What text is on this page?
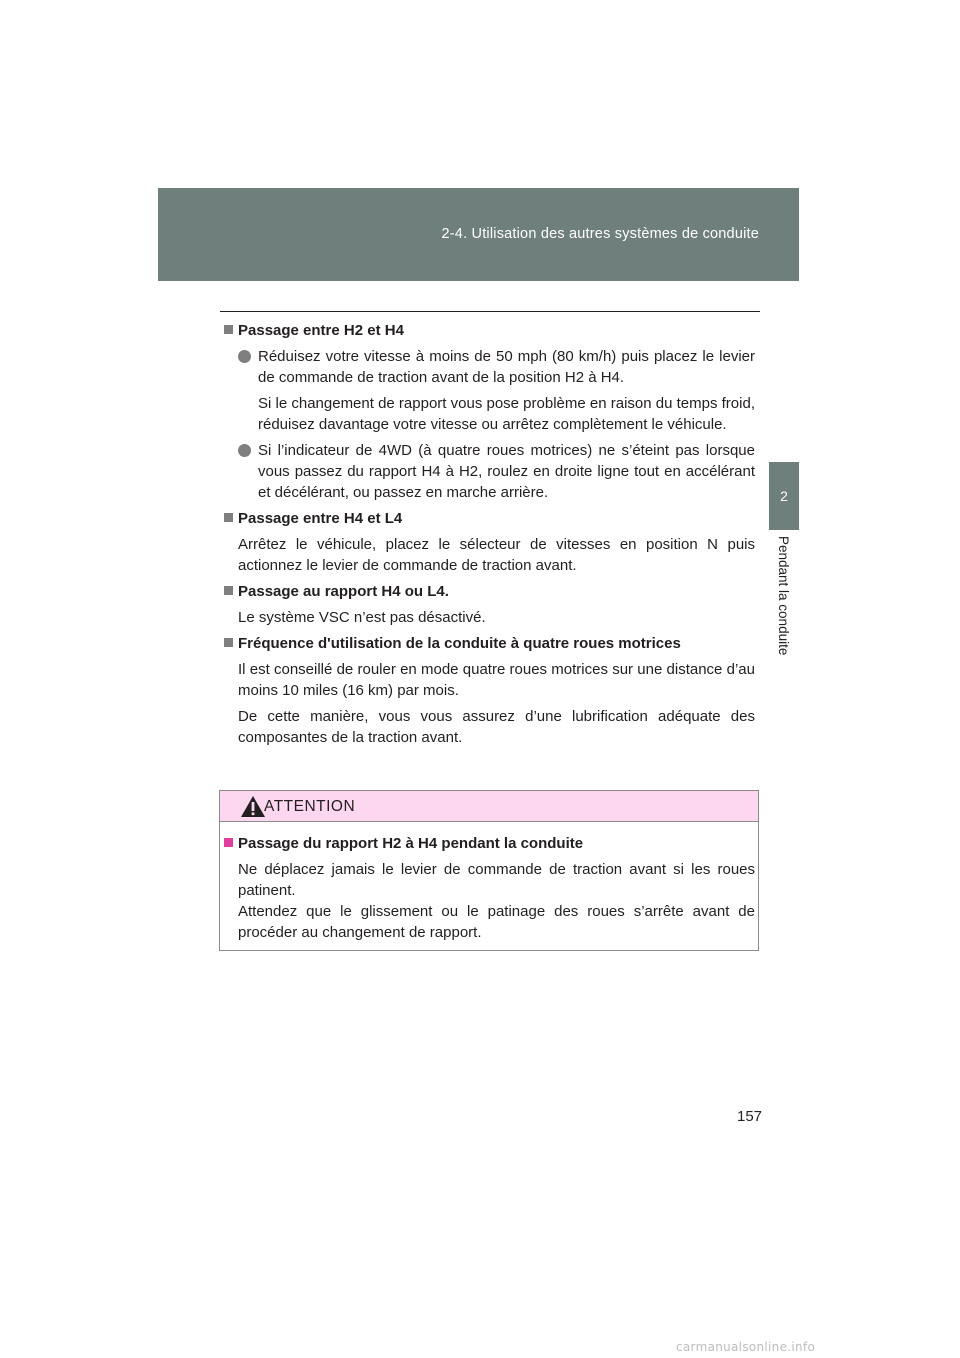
2-4. Utilisation des autres systèmes de conduite
2
Pendant la conduite
Passage entre H2 et H4
Réduisez votre vitesse à moins de 50 mph (80 km/h) puis placez le levier de commande de traction avant de la position H2 à H4.
Si le changement de rapport vous pose problème en raison du temps froid, réduisez davantage votre vitesse ou arrêtez complètement le véhicule.
Si l’indicateur de 4WD (à quatre roues motrices) ne s’éteint pas lorsque vous passez du rapport H4 à H2, roulez en droite ligne tout en accélérant et décélérant, ou passez en marche arrière.
Passage entre H4 et L4
Arrêtez le véhicule, placez le sélecteur de vitesses en position N puis actionnez le levier de commande de traction avant.
Passage au rapport H4 ou L4.
Le système VSC n’est pas désactivé.
Fréquence d'utilisation de la conduite à quatre roues motrices
Il est conseillé de rouler en mode quatre roues motrices sur une distance d’au moins 10 miles (16 km) par mois.
De cette manière, vous vous assurez d’une lubrification adéquate des composantes de la traction avant.
ATTENTION
Passage du rapport H2 à H4 pendant la conduite
Ne déplacez jamais le levier de commande de traction avant si les roues patinent.
Attendez que le glissement ou le patinage des roues s’arrête avant de procéder au changement de rapport.
157
carmanualsonline.info
